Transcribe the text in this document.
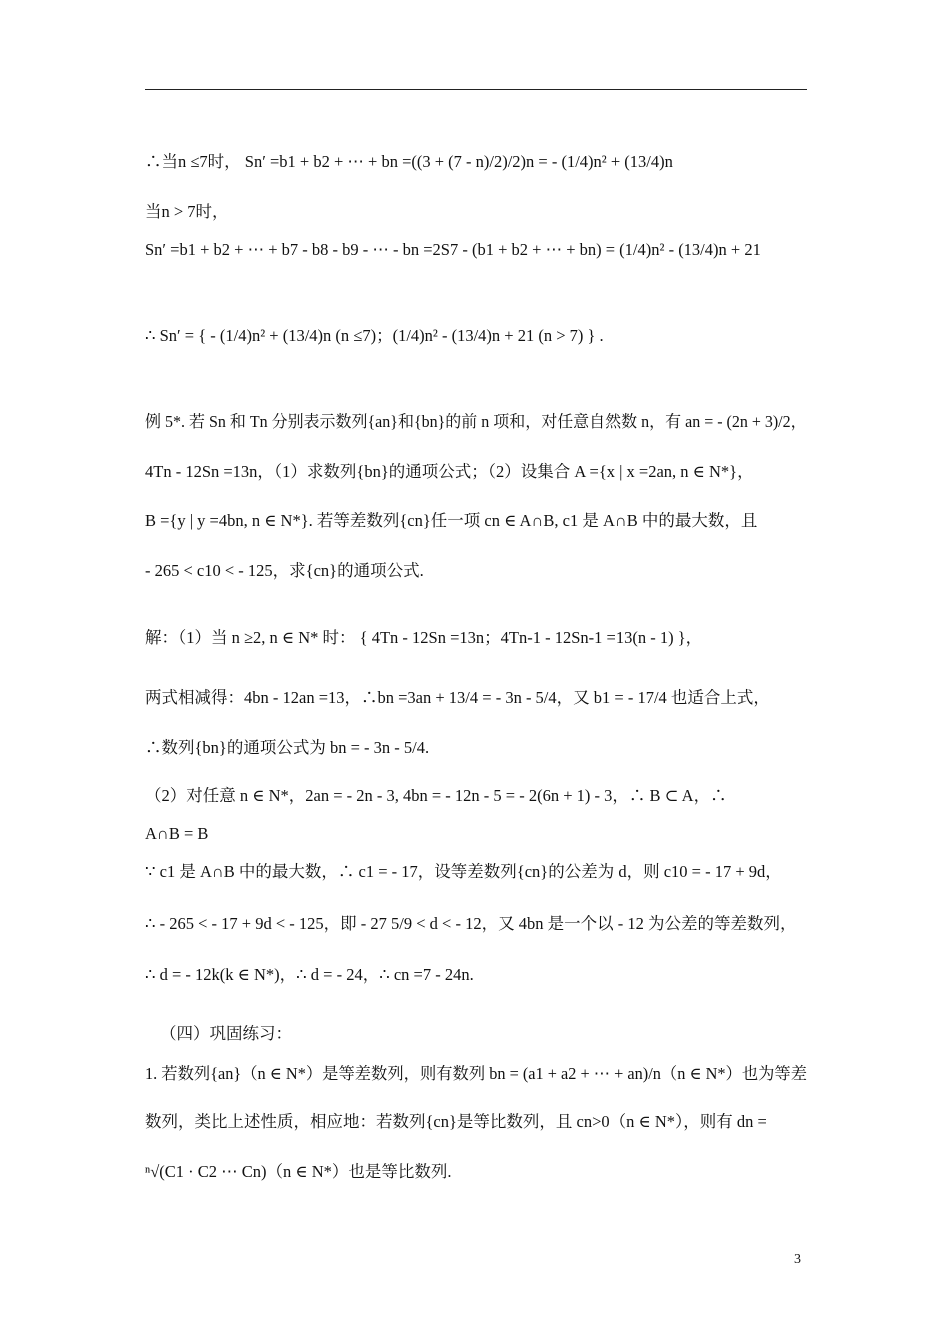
∴当n ≤7时， Sn′ =b1 + b2 + ⋯ + bn =((3 + (7 - n)/2)/2)n = - (1/4)n² + (13/4)n
当n > 7时，
Sn′ =b1 + b2 + ⋯ + b7 - b8 - b9 - ⋯ - bn =2S7 - (b1 + b2 + ⋯ + bn) = (1/4)n² - (13/4)n + 21
∴ Sn′ = { - (1/4)n² + (13/4)n (n ≤7)；(1/4)n² - (13/4)n + 21 (n > 7) } .
例 5*. 若 Sn 和 Tn 分别表示数列{an}和{bn}的前 n 项和，对任意自然数 n，有 an = - (2n + 3)/2，
4Tn - 12Sn =13n，（1）求数列{bn}的通项公式；（2）设集合 A ={x | x =2an, n ∈ N*}，
B ={y | y =4bn, n ∈ N*}. 若等差数列{cn}任一项 cn ∈ A∩B, c1 是 A∩B 中的最大数，且
- 265 < c10 < - 125，求{cn}的通项公式.
解：（1）当 n ≥2, n ∈ N* 时： { 4Tn - 12Sn =13n；4Tn-1 - 12Sn-1 =13(n - 1) }，
两式相减得：4bn - 12an =13，∴bn =3an + 13/4 = - 3n - 5/4，又 b1 = - 17/4 也适合上式，
∴数列{bn}的通项公式为 bn = - 3n - 5/4.
（2）对任意 n ∈ N*，2an = - 2n - 3, 4bn = - 12n - 5 = - 2(6n + 1) - 3，∴ B ⊂ A，∴
A∩B = B
∵ c1 是 A∩B 中的最大数，∴ c1 = - 17，设等差数列{cn}的公差为 d，则 c10 = - 17 + 9d，
∴ - 265 < - 17 + 9d < - 125，即 - 27 5/9 < d < - 12，又 4bn 是一个以 - 12 为公差的等差数列，
∴ d = - 12k(k ∈ N*)，∴ d = - 24，∴ cn =7 - 24n.
（四）巩固练习：
1. 若数列{an}（n ∈ N*）是等差数列，则有数列 bn = (a1 + a2 + ⋯ + an)/n（n ∈ N*）也为等差
数列，类比上述性质，相应地：若数列{cn}是等比数列，且 cn>0（n ∈ N*），则有 dn =
ⁿ√(C1 · C2 ⋯ Cn)（n ∈ N*）也是等比数列.
3
